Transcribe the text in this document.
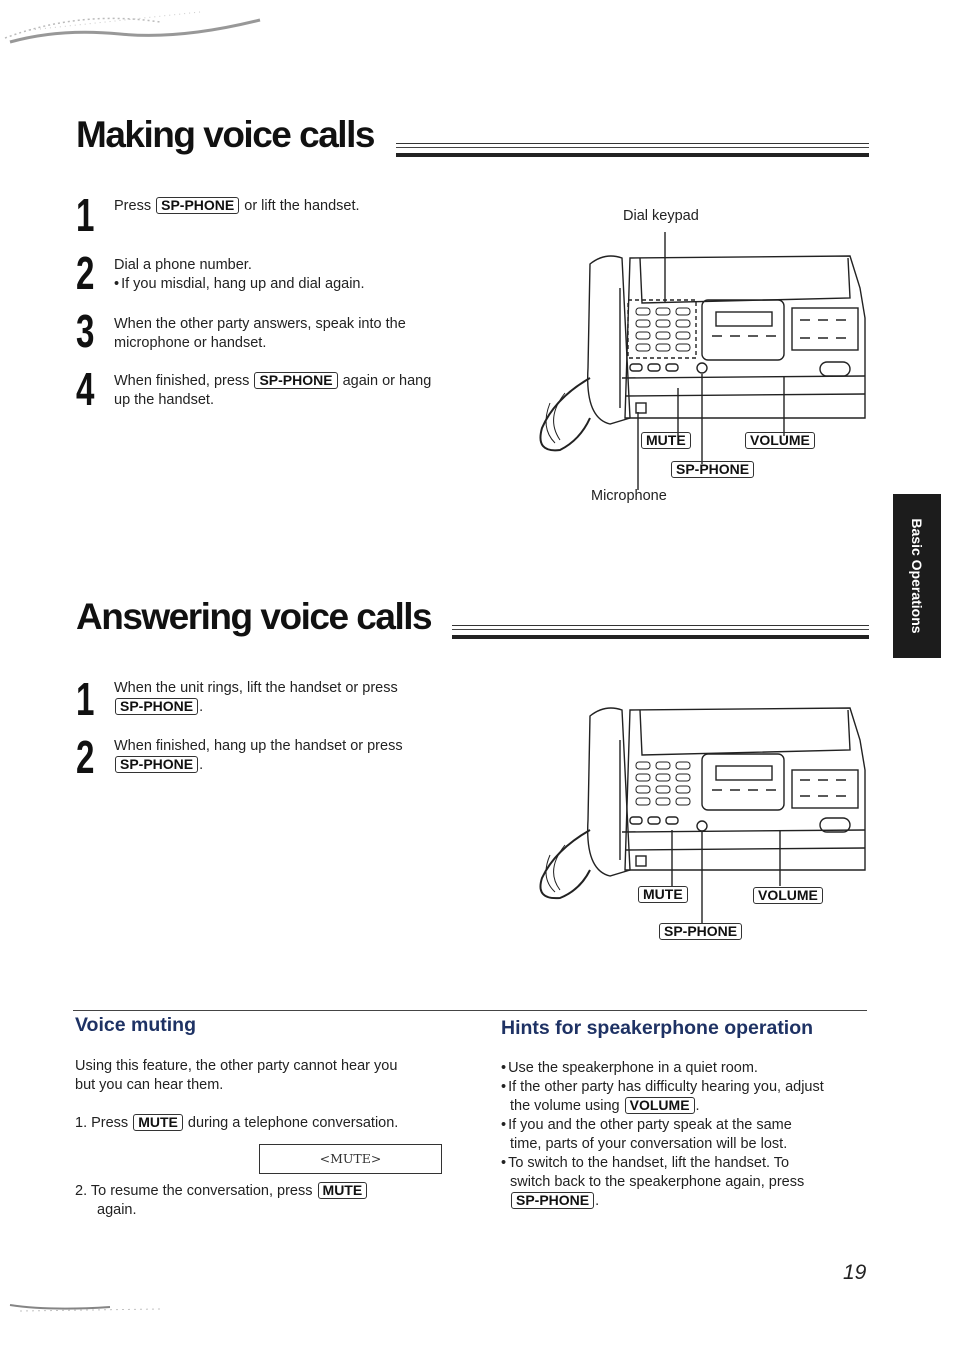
Making voice calls
1 Press SP-PHONE or lift the handset.
2 Dial a phone number.
• If you misdial, hang up and dial again.
3 When the other party answers, speak into the
microphone or handset.
4 When finished, press SP-PHONE again or hang
up the handset.
Dial keypad
MUTE	VOLUME
SP-PHONE
Microphone
Basic Operations
Answering voice calls
1 When the unit rings, lift the handset or press
SP-PHONE .
2 When finished, hang up the handset or press
SP-PHONE .
MUTE	VOLUME
SP-PHONE
Voice muting
Using this feature, the other party cannot hear you
but you can hear them.
1. Press MUTE during a telephone conversation.
<MUTE>
2. To resume the conversation, press MUTE
again.
Hints for speakerphone operation
• Use the speakerphone in a quiet room.
• If the other party has difficulty hearing you, adjust
the volume using VOLUME .
• If you and the other party speak at the same
time, parts of your conversation will be lost.
• To switch to the handset, lift the handset. To
switch back to the speakerphone again, press
SP-PHONE .
19
